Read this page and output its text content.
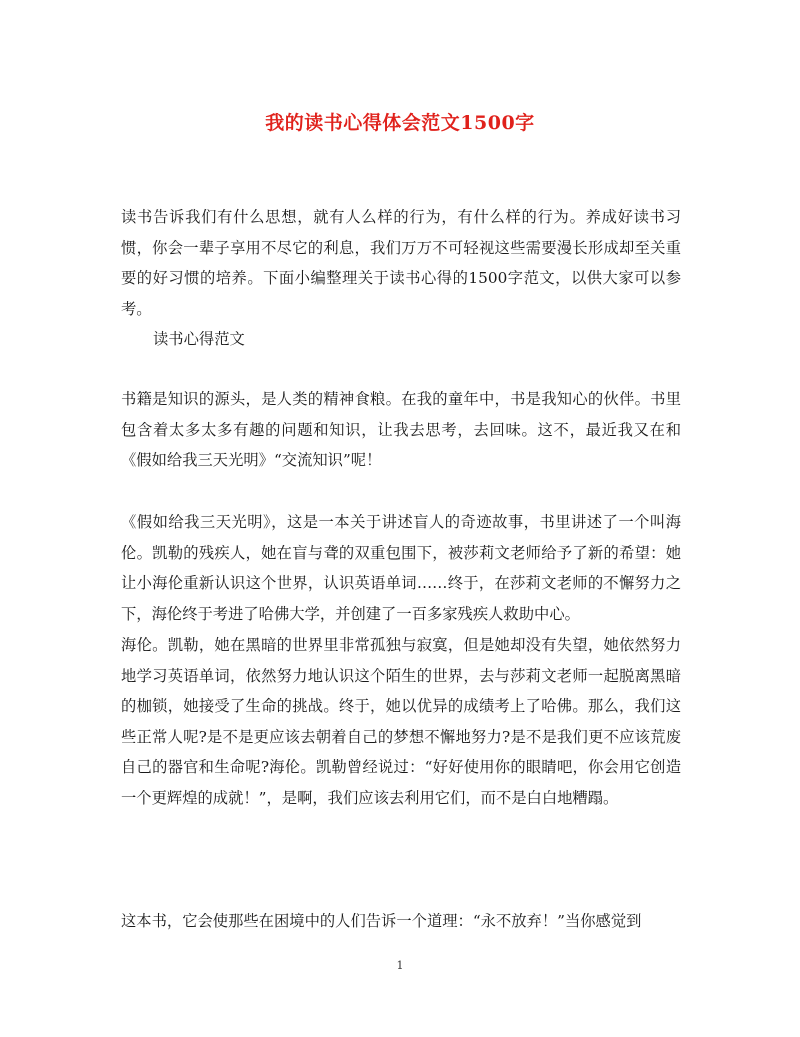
我的读书心得体会范文1500字

读书告诉我们有什么思想，就有人么样的行为，有什么样的行为。养成好读书习惯，你会一辈子享用不尽它的利息，我们万万不可轻视这些需要漫长形成却至关重要的好习惯的培养。下面小编整理关于读书心得的1500字范文，以供大家可以参考。

读书心得范文

书籍是知识的源头，是人类的精神食粮。在我的童年中，书是我知心的伙伴。书里包含着太多太多有趣的问题和知识，让我去思考，去回味。这不，最近我又在和《假如给我三天光明》“交流知识”呢！

《假如给我三天光明》，这是一本关于讲述盲人的奇迹故事，书里讲述了一个叫海伦。凯勒的残疾人，她在盲与聋的双重包围下，被莎莉文老师给予了新的希望：她让小海伦重新认识这个世界，认识英语单词……终于，在莎莉文老师的不懈努力之下，海伦终于考进了哈佛大学，并创建了一百多家残疾人救助中心。

海伦。凯勒，她在黑暗的世界里非常孤独与寂寞，但是她却没有失望，她依然努力地学习英语单词，依然努力地认识这个陌生的世界，去与莎莉文老师一起脱离黑暗的枷锁，她接受了生命的挑战。终于，她以优异的成绩考上了哈佛。那么，我们这些正常人呢?是不是更应该去朝着自己的梦想不懈地努力?是不是我们更不应该荒废自己的器官和生命呢?海伦。凯勒曾经说过：“好好使用你的眼睛吧，你会用它创造一个更辉煌的成就！”，是啊，我们应该去利用它们，而不是白白地糟蹋。

这本书，它会使那些在困境中的人们告诉一个道理：“永不放弃！”当你感觉到

1
